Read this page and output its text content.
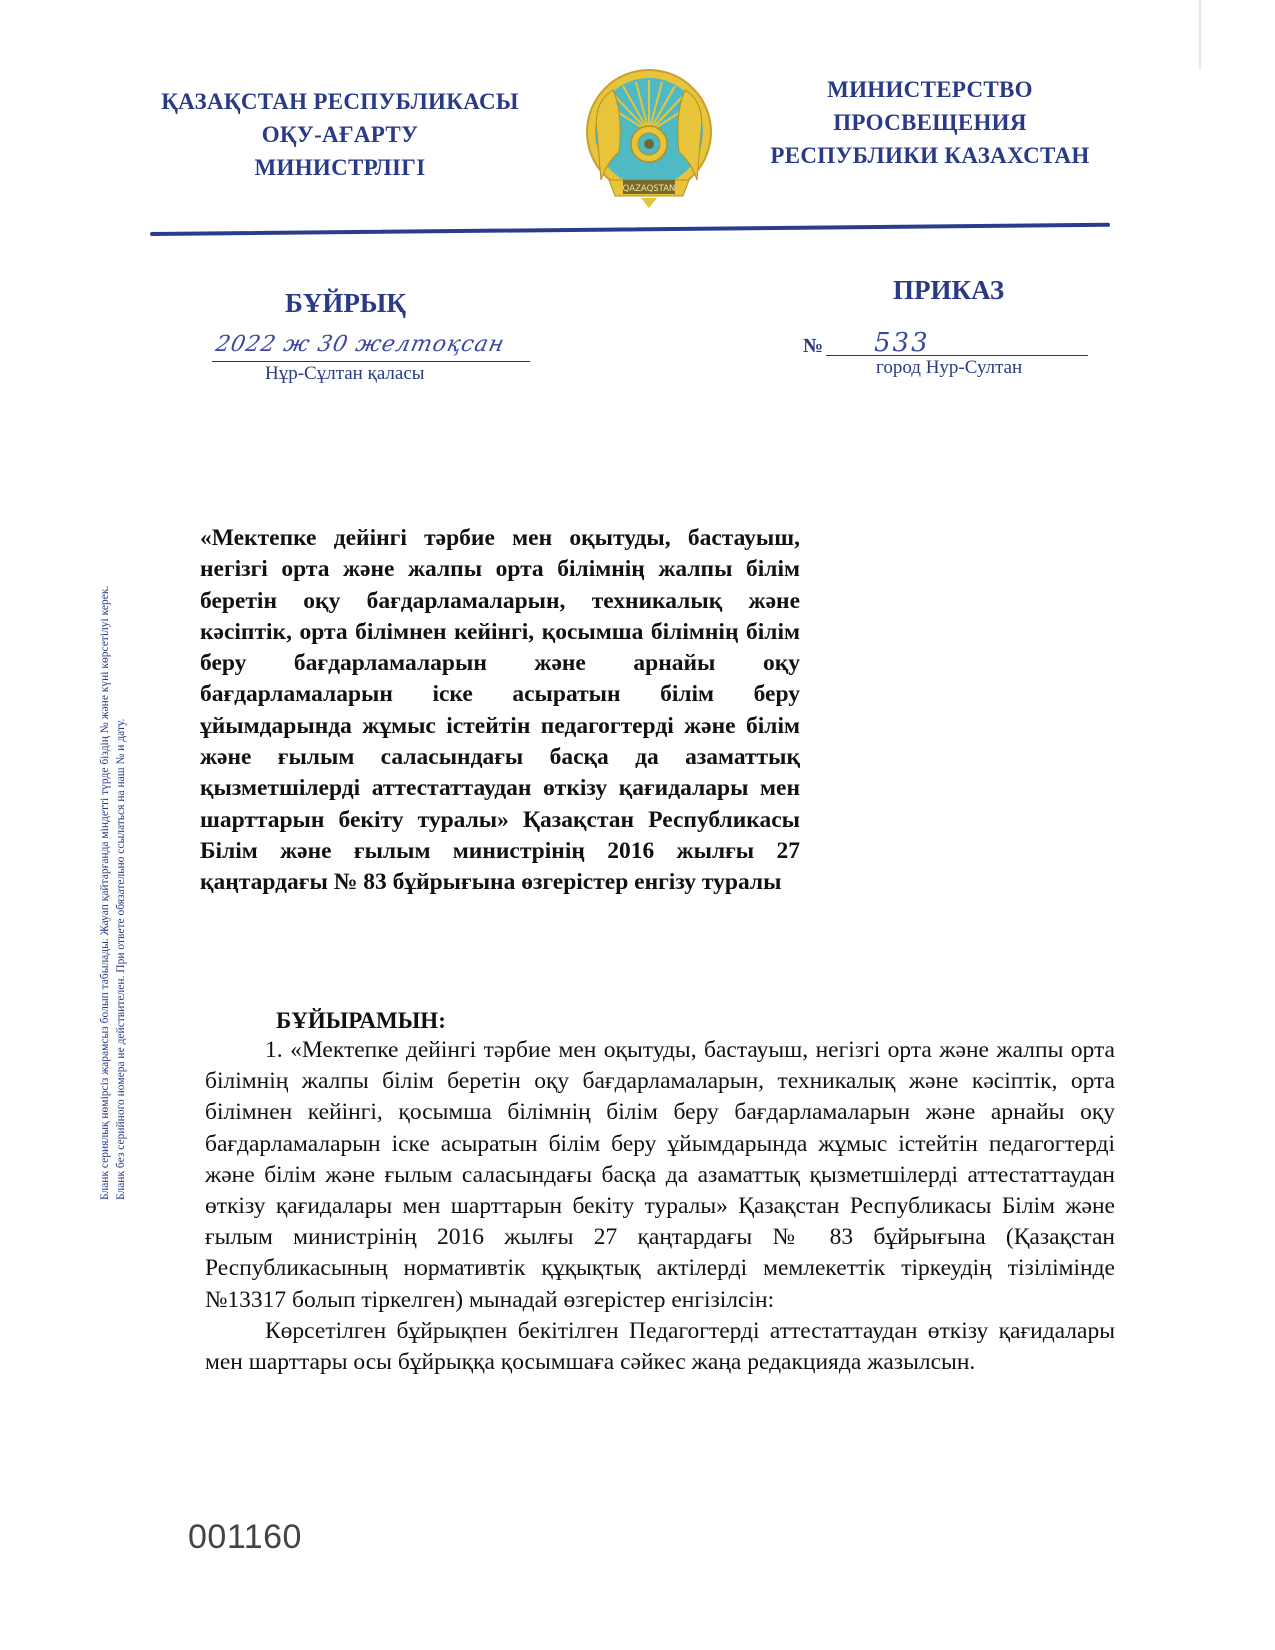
ҚАЗАҚСТАН РЕСПУБЛИКАСЫ
ОҚУ-АҒАРТУ
МИНИСТРЛІГІ
QAZAQSTAN
МИНИСТЕРСТВО
ПРОСВЕЩЕНИЯ
РЕСПУБЛИКИ КАЗАХСТАН
БҰЙРЫҚ	ПРИКАЗ
2022 ж 30 желтоқсан
Нұр-Сұлтан қаласы
№ 533
город Нур-Султан
Бланк сериялық нөмірсіз жарамсыз болып табылады. Жауап қайтарғанда міндетті түрде біздің № және күні көрсетілуі керек. Бланк без серийного номера не действителен. При ответе обязательно ссылаться на наш № и дату.
«Мектепке дейінгі тәрбие мен оқытуды, бастауыш, негізгі орта және жалпы орта білімнің жалпы білім беретін оқу бағдарламаларын, техникалық және кәсіптік, орта білімнен кейінгі, қосымша білімнің білім беру бағдарламаларын және арнайы оқу бағдарламаларын іске асыратын білім беру ұйымдарында жұмыс істейтін педагогтерді және білім және ғылым саласындағы басқа да азаматтық қызметшілерді аттестаттаудан өткізу қағидалары мен шарттарын бекіту туралы» Қазақстан Республикасы Білім және ғылым министрінің 2016 жылғы 27 қаңтардағы № 83 бұйрығына өзгерістер енгізу туралы
БҰЙЫРАМЫН:

1. «Мектепке дейінгі тәрбие мен оқытуды, бастауыш, негізгі орта және жалпы орта білімнің жалпы білім беретін оқу бағдарламаларын, техникалық және кәсіптік, орта білімнен кейінгі, қосымша білімнің білім беру бағдарламаларын және арнайы оқу бағдарламаларын іске асыратын білім беру ұйымдарында жұмыс істейтін педагогтерді және білім және ғылым саласындағы басқа да азаматтық қызметшілерді аттестаттаудан өткізу қағидалары мен шарттарын бекіту туралы» Қазақстан Республикасы Білім және ғылым министрінің 2016 жылғы 27 қаңтардағы № 83 бұйрығына (Қазақстан Республикасының нормативтік құқықтық актілерді мемлекеттік тіркеудің тізілімінде №13317 болып тіркелген) мынадай өзгерістер енгізілсін:

Көрсетілген бұйрықпен бекітілген Педагогтерді аттестаттаудан өткізу қағидалары мен шарттары осы бұйрыққа қосымшаға сәйкес жаңа редакцияда жазылсын.

001160
